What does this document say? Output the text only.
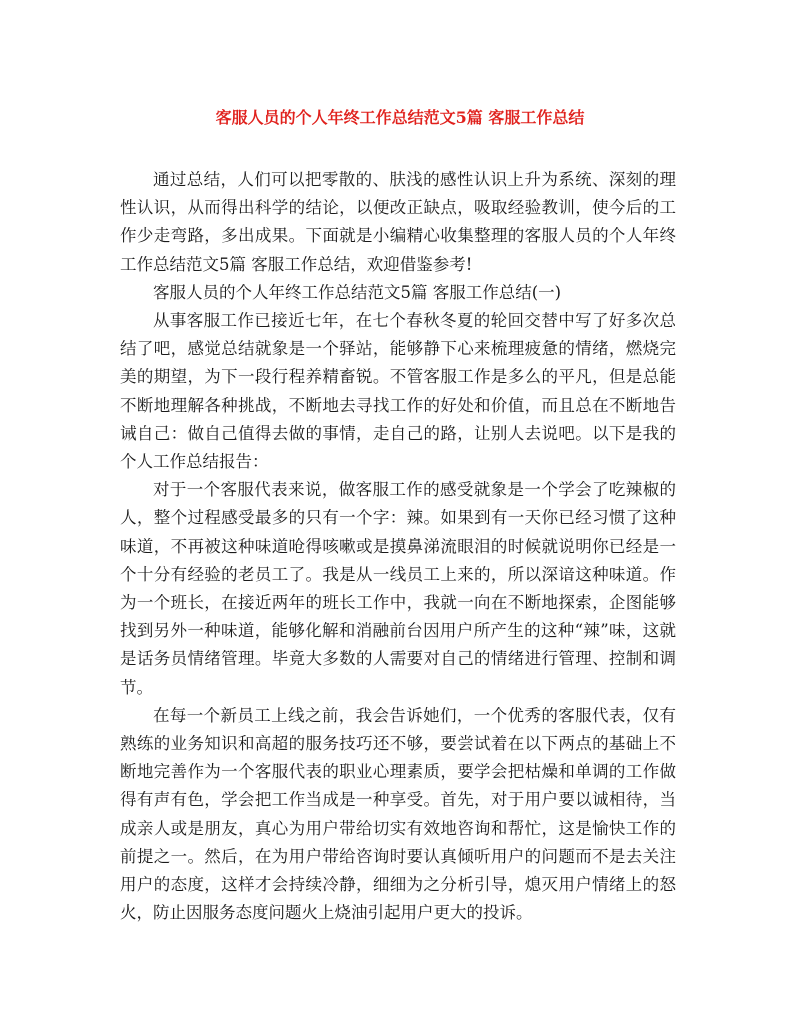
客服人员的个人年终工作总结范文5篇 客服工作总结

通过总结，人们可以把零散的、肤浅的感性认识上升为系统、深刻的理性认识，从而得出科学的结论，以便改正缺点，吸取经验教训，使今后的工作少走弯路，多出成果。下面就是小编精心收集整理的客服人员的个人年终工作总结范文5篇 客服工作总结，欢迎借鉴参考!

客服人员的个人年终工作总结范文5篇 客服工作总结(一)

从事客服工作已接近七年，在七个春秋冬夏的轮回交替中写了好多次总结了吧，感觉总结就象是一个驿站，能够静下心来梳理疲惫的情绪，燃烧完美的期望，为下一段行程养精畜锐。不管客服工作是多么的平凡，但是总能不断地理解各种挑战，不断地去寻找工作的好处和价值，而且总在不断地告诫自己：做自己值得去做的事情，走自己的路，让别人去说吧。以下是我的个人工作总结报告：

对于一个客服代表来说，做客服工作的感受就象是一个学会了吃辣椒的人，整个过程感受最多的只有一个字：辣。如果到有一天你已经习惯了这种味道，不再被这种味道呛得咳嗽或是摸鼻涕流眼泪的时候就说明你已经是一个十分有经验的老员工了。我是从一线员工上来的，所以深谙这种味道。作为一个班长，在接近两年的班长工作中，我就一向在不断地探索，企图能够找到另外一种味道，能够化解和消融前台因用户所产生的这种“辣”味，这就是话务员情绪管理。毕竟大多数的人需要对自己的情绪进行管理、控制和调节。

在每一个新员工上线之前，我会告诉她们，一个优秀的客服代表，仅有熟练的业务知识和高超的服务技巧还不够，要尝试着在以下两点的基础上不断地完善作为一个客服代表的职业心理素质，要学会把枯燥和单调的工作做得有声有色，学会把工作当成是一种享受。首先，对于用户要以诚相待，当成亲人或是朋友，真心为用户带给切实有效地咨询和帮忙，这是愉快工作的前提之一。然后，在为用户带给咨询时要认真倾听用户的问题而不是去关注用户的态度，这样才会持续冷静，细细为之分析引导，熄灭用户情绪上的怒火，防止因服务态度问题火上烧油引起用户更大的投诉。
